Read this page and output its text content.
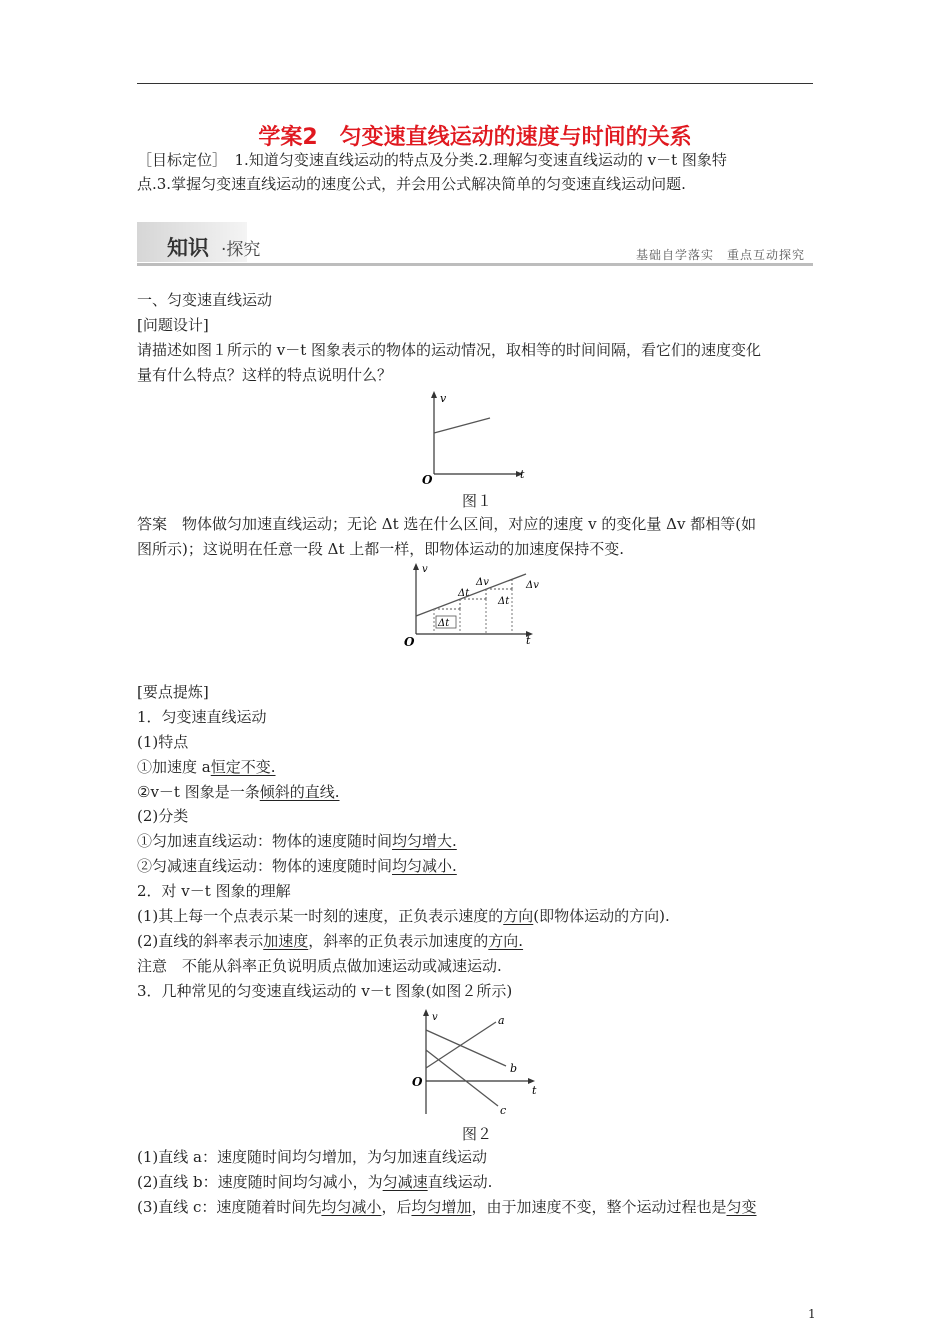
学案2　匀变速直线运动的速度与时间的关系
［目标定位］　1.知道匀变速直线运动的特点及分类.2.理解匀变速直线运动的 v－t 图象特
点.3.掌握匀变速直线运动的速度公式，并会用公式解决简单的匀变速直线运动问题.
知识 ·探究	基础自学落实　重点互动探究
一、匀变速直线运动
[问题设计]
请描述如图１所示的 v－t 图象表示的物体的运动情况，取相等的时间间隔，看它们的速度变化
量有什么特点？这样的特点说明什么？
v
t
O
图１
答案　物体做匀加速直线运动；无论 Δt 选在什么区间，对应的速度 v 的变化量 Δv 都相等(如
图所示)；这说明在任意一段 Δt 上都一样，即物体运动的加速度保持不变.
Δt
Δt
Δv
Δt
Δv
v
t
O
[要点提炼]
1．匀变速直线运动
(1)特点
①加速度 a恒定不变.
②v－t 图象是一条倾斜的直线.
(2)分类
①匀加速直线运动：物体的速度随时间均匀增大.
②匀减速直线运动：物体的速度随时间均匀减小.
2．对 v－t 图象的理解
(1)其上每一个点表示某一时刻的速度，正负表示速度的方向(即物体运动的方向).
(2)直线的斜率表示加速度，斜率的正负表示加速度的方向.
注意　不能从斜率正负说明质点做加速运动或减速运动.
3．几种常见的匀变速直线运动的 v－t 图象(如图２所示)
a
b
c
v
t
O
图２
(1)直线 a：速度随时间均匀增加，为匀加速直线运动
(2)直线 b：速度随时间均匀减小，为匀减速直线运动.
(3)直线 c：速度随着时间先均匀减小，后均匀增加，由于加速度不变，整个运动过程也是匀变
1
